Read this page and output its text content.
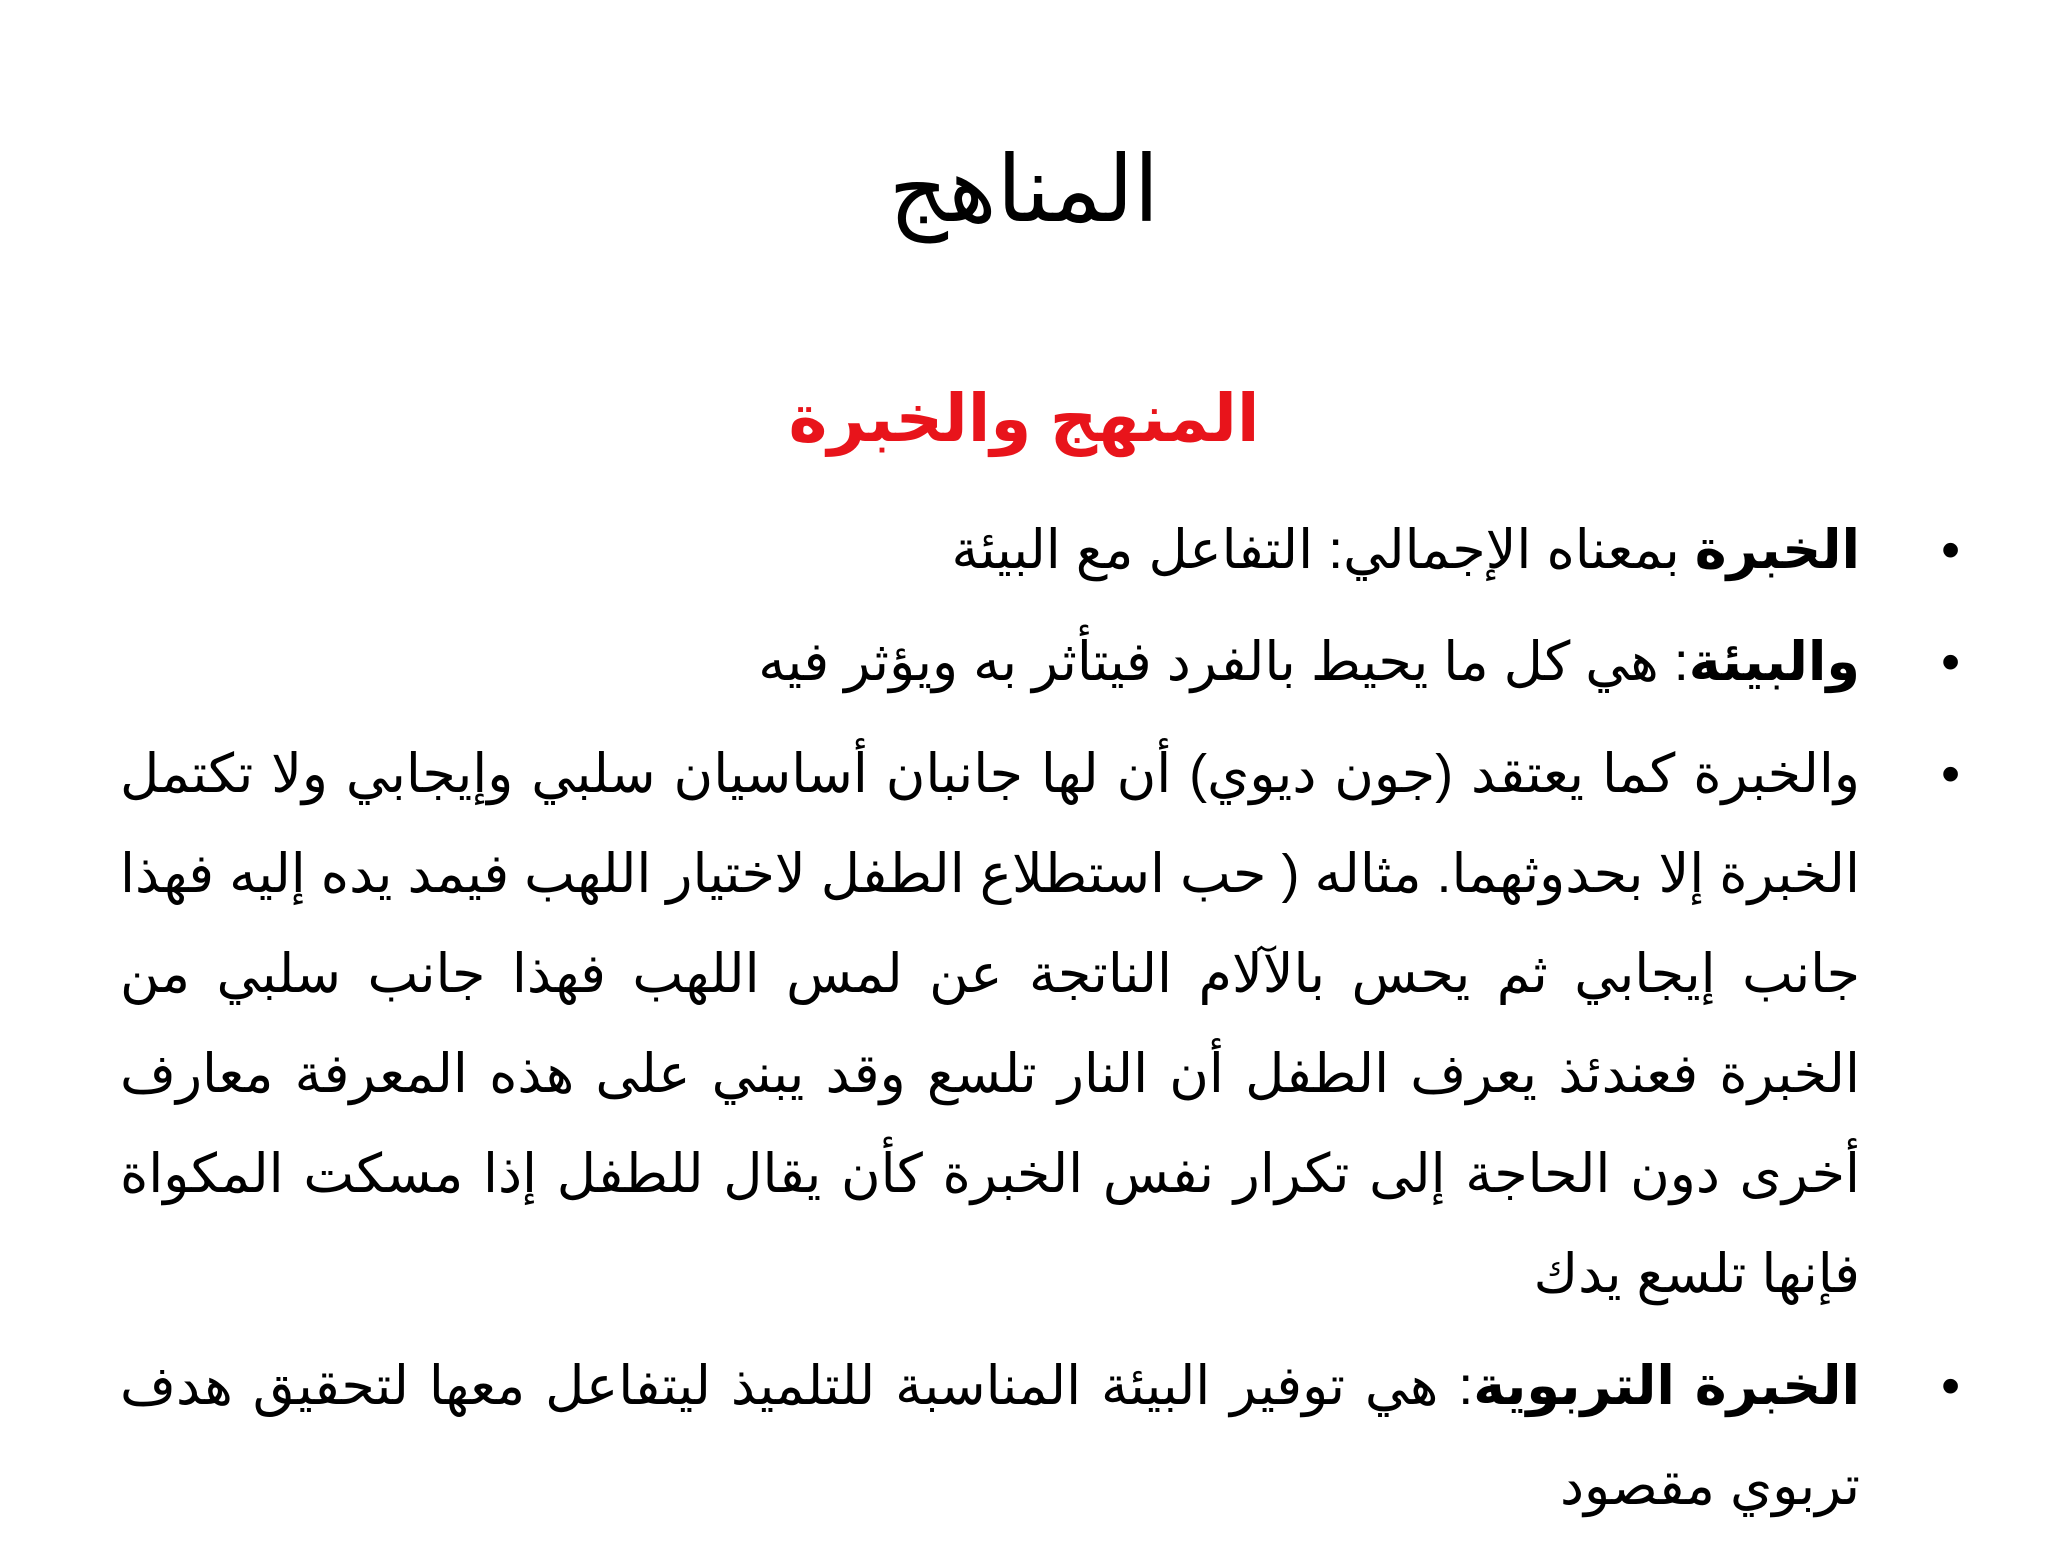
المناهج
المنهج والخبرة
•
الخبرة بمعناه الإجمالي: التفاعل مع البيئة
•
والبيئة: هي كل ما يحيط بالفرد فيتأثر به ويؤثر فيه
•
والخبرة كما يعتقد (جون ديوي) أن لها جانبان أساسيان سلبي وإيجابي ولا تكتمل الخبرة إلا بحدوثهما. مثاله ( حب استطلاع الطفل لاختيار اللهب فيمد يده إليه فهذا جانب إيجابي ثم يحس بالآلام الناتجة عن لمس اللهب فهذا جانب سلبي من الخبرة فعندئذ يعرف الطفل أن النار تلسع وقد يبني على هذه المعرفة معارف أخرى دون الحاجة إلى تكرار نفس الخبرة كأن يقال للطفل إذا مسكت المكواة فإنها تلسع يدك
•
الخبرة التربوية: هي توفير البيئة المناسبة للتلميذ ليتفاعل معها لتحقيق هدف تربوي مقصود
